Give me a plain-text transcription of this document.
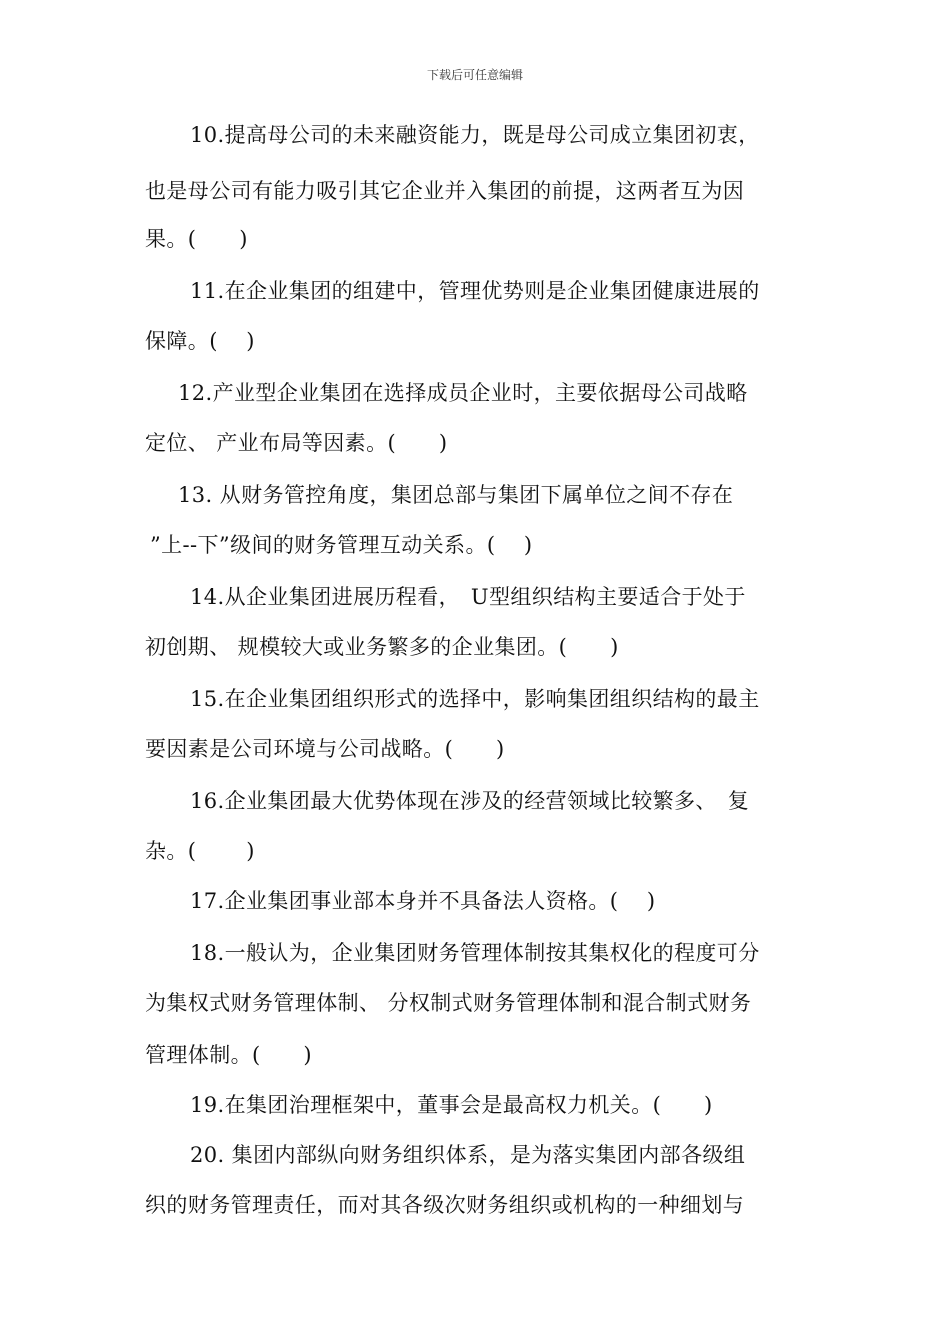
下载后可任意编辑
10.提高母公司的未来融资能力，既是母公司成立集团初衷，
也是母公司有能力吸引其它企业并入集团的前提，这两者互为因
果。(　　)
11.在企业集团的组建中，管理优势则是企业集团健康进展的
保障。(　 )
12.产业型企业集团在选择成员企业时，主要依据母公司战略
定位、 产业布局等因素。(　　)
13. 从财务管控角度，集团总部与集团下属单位之间不存在
”上--下”级间的财务管理互动关系。(　 )
14.从企业集团进展历程看，　U型组织结构主要适合于处于
初创期、 规模较大或业务繁多的企业集团。(　　)
15.在企业集团组织形式的选择中，影响集团组织结构的最主
要因素是公司环境与公司战略。(　　)
16.企业集团最大优势体现在涉及的经营领域比较繁多、　复
杂。(　　 )
17.企业集团事业部本身并不具备法人资格。(　 )
18.一般认为，企业集团财务管理体制按其集权化的程度可分
为集权式财务管理体制、 分权制式财务管理体制和混合制式财务
管理体制。(　　)
19.在集团治理框架中，董事会是最高权力机关。(　　)
20. 集团内部纵向财务组织体系，是为落实集团内部各级组
织的财务管理责任，而对其各级次财务组织或机构的一种细划与
